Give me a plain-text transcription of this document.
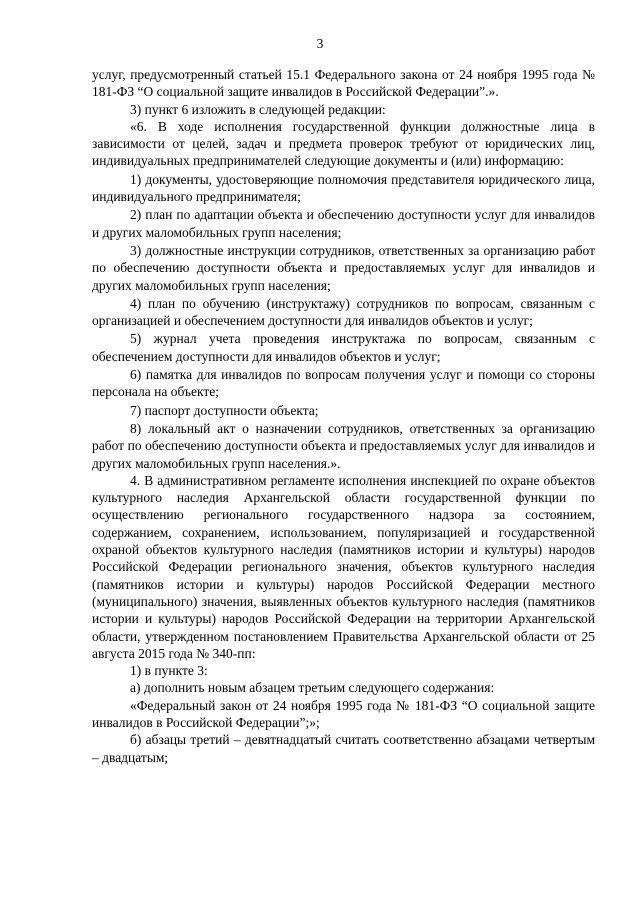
3

услуг, предусмотренный статьей 15.1 Федерального закона от 24 ноября 1995 года № 181-ФЗ “О социальной защите инвалидов в Российской Федерации”.».

3) пункт 6 изложить в следующей редакции:

«6. В ходе исполнения государственной функции должностные лица в зависимости от целей, задач и предмета проверок требуют от юридических лиц, индивидуальных предпринимателей следующие документы и (или) информацию:

1) документы, удостоверяющие полномочия представителя юридического лица, индивидуального предпринимателя;

2) план по адаптации объекта и обеспечению доступности услуг для инвалидов и других маломобильных групп населения;

3) должностные инструкции сотрудников, ответственных за организацию работ по обеспечению доступности объекта и предоставляемых услуг для инвалидов и других маломобильных групп населения;

4) план по обучению (инструктажу) сотрудников по вопросам, связанным с организацией и обеспечением доступности для инвалидов объектов и услуг;

5) журнал учета проведения инструктажа по вопросам, связанным с обеспечением доступности для инвалидов объектов и услуг;

6) памятка для инвалидов по вопросам получения услуг и помощи со стороны персонала на объекте;

7) паспорт доступности объекта;

8) локальный акт о назначении сотрудников, ответственных за организацию работ по обеспечению доступности объекта и предоставляемых услуг для инвалидов и других маломобильных групп населения.».

4. В административном регламенте исполнения инспекцией по охране объектов культурного наследия Архангельской области государственной функции по осуществлению регионального государственного надзора за состоянием, содержанием, сохранением, использованием, популяризацией и государственной охраной объектов культурного наследия (памятников истории и культуры) народов Российской Федерации регионального значения, объектов культурного наследия (памятников истории и культуры) народов Российской Федерации местного (муниципального) значения, выявленных объектов культурного наследия (памятников истории и культуры) народов Российской Федерации на территории Архангельской области, утвержденном постановлением Правительства Архангельской области от 25 августа 2015 года № 340-пп:

1) в пункте 3:

а) дополнить новым абзацем третьим следующего содержания:

«Федеральный закон от 24 ноября 1995 года № 181-ФЗ “О социальной защите инвалидов в Российской Федерации”;»;

б) абзацы третий – девятнадцатый считать соответственно абзацами четвертым – двадцатым;
